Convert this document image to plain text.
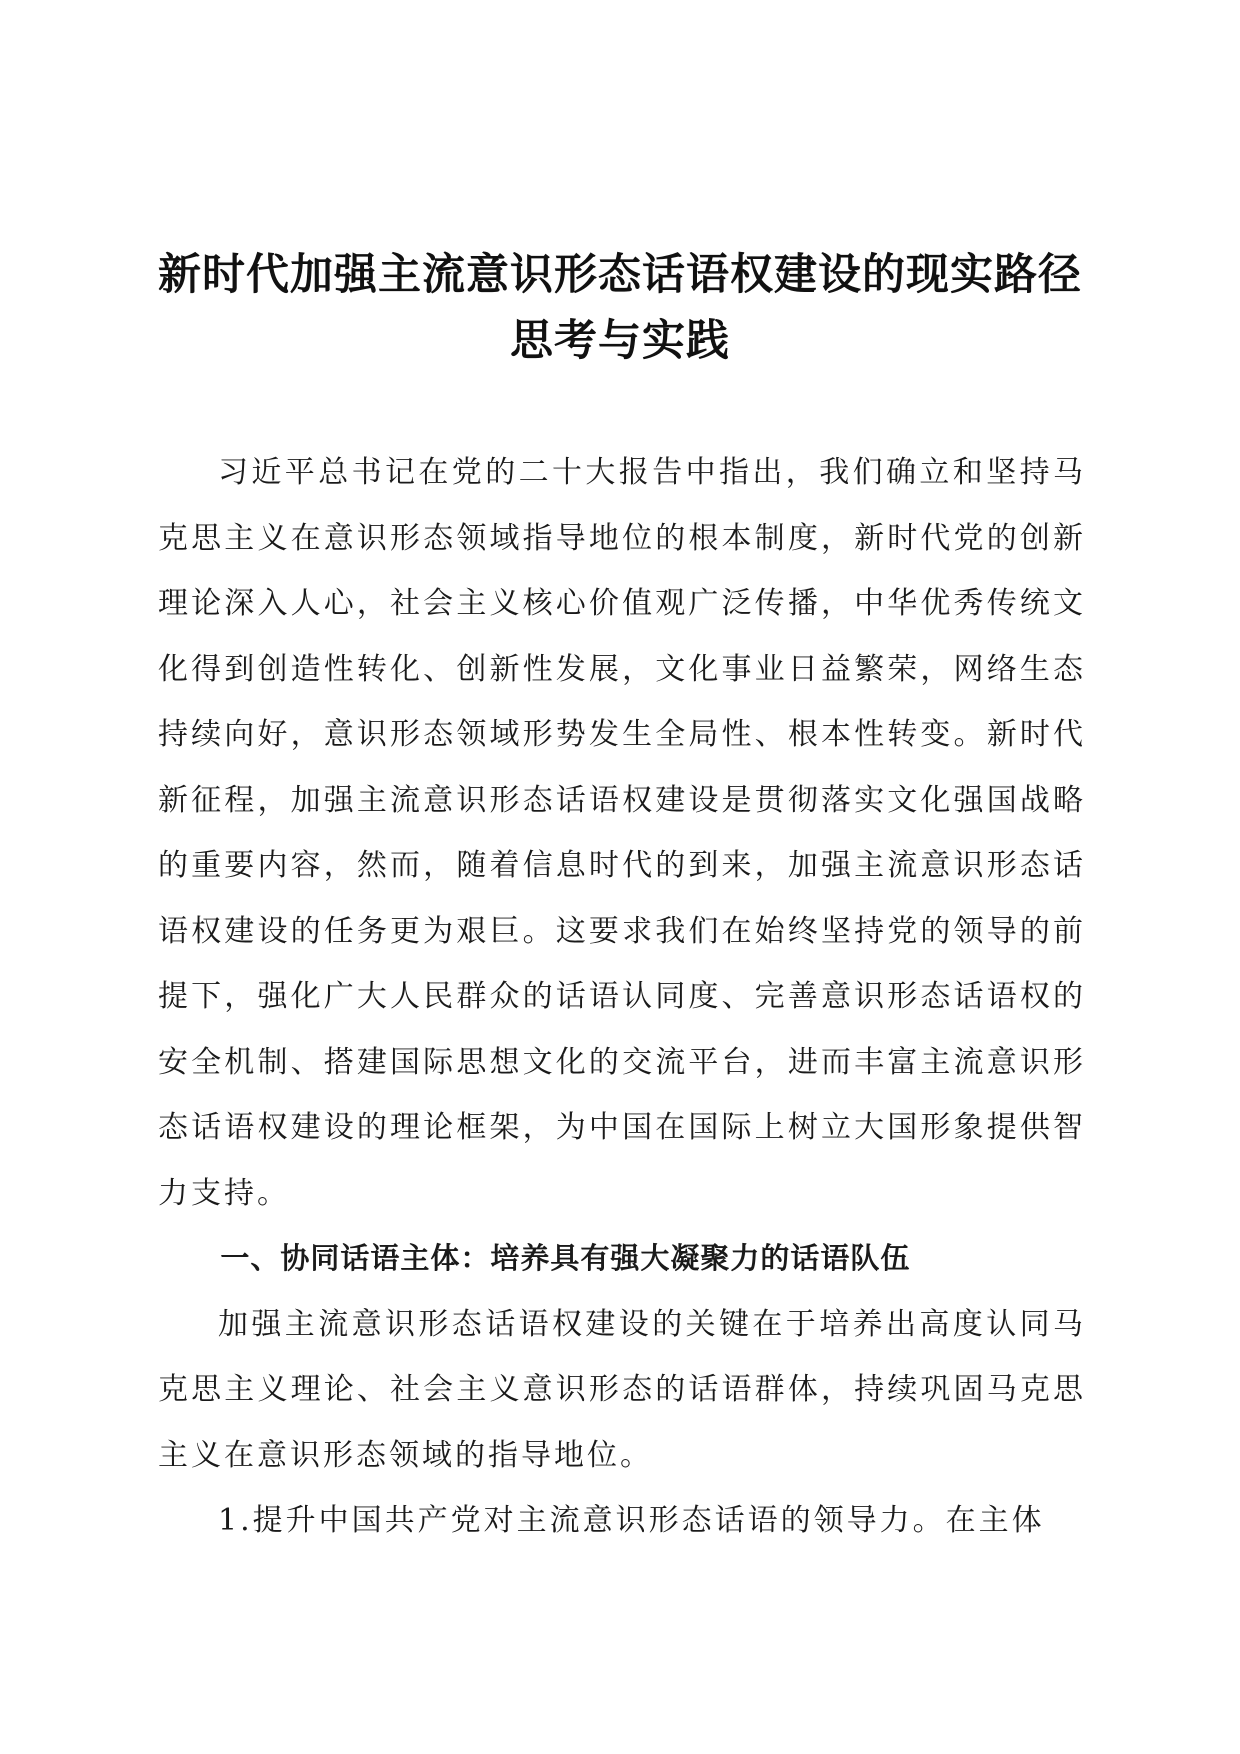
新时代加强主流意识形态话语权建设的现实路径思考与实践

习近平总书记在党的二十大报告中指出，我们确立和坚持马克思主义在意识形态领域指导地位的根本制度，新时代党的创新理论深入人心，社会主义核心价值观广泛传播，中华优秀传统文化得到创造性转化、创新性发展，文化事业日益繁荣，网络生态持续向好，意识形态领域形势发生全局性、根本性转变。新时代新征程，加强主流意识形态话语权建设是贯彻落实文化强国战略的重要内容，然而，随着信息时代的到来，加强主流意识形态话语权建设的任务更为艰巨。这要求我们在始终坚持党的领导的前提下，强化广大人民群众的话语认同度、完善意识形态话语权的安全机制、搭建国际思想文化的交流平台，进而丰富主流意识形态话语权建设的理论框架，为中国在国际上树立大国形象提供智力支持。

一、协同话语主体：培养具有强大凝聚力的话语队伍

加强主流意识形态话语权建设的关键在于培养出高度认同马克思主义理论、社会主义意识形态的话语群体，持续巩固马克思主义在意识形态领域的指导地位。

1.提升中国共产党对主流意识形态话语的领导力。在主体
